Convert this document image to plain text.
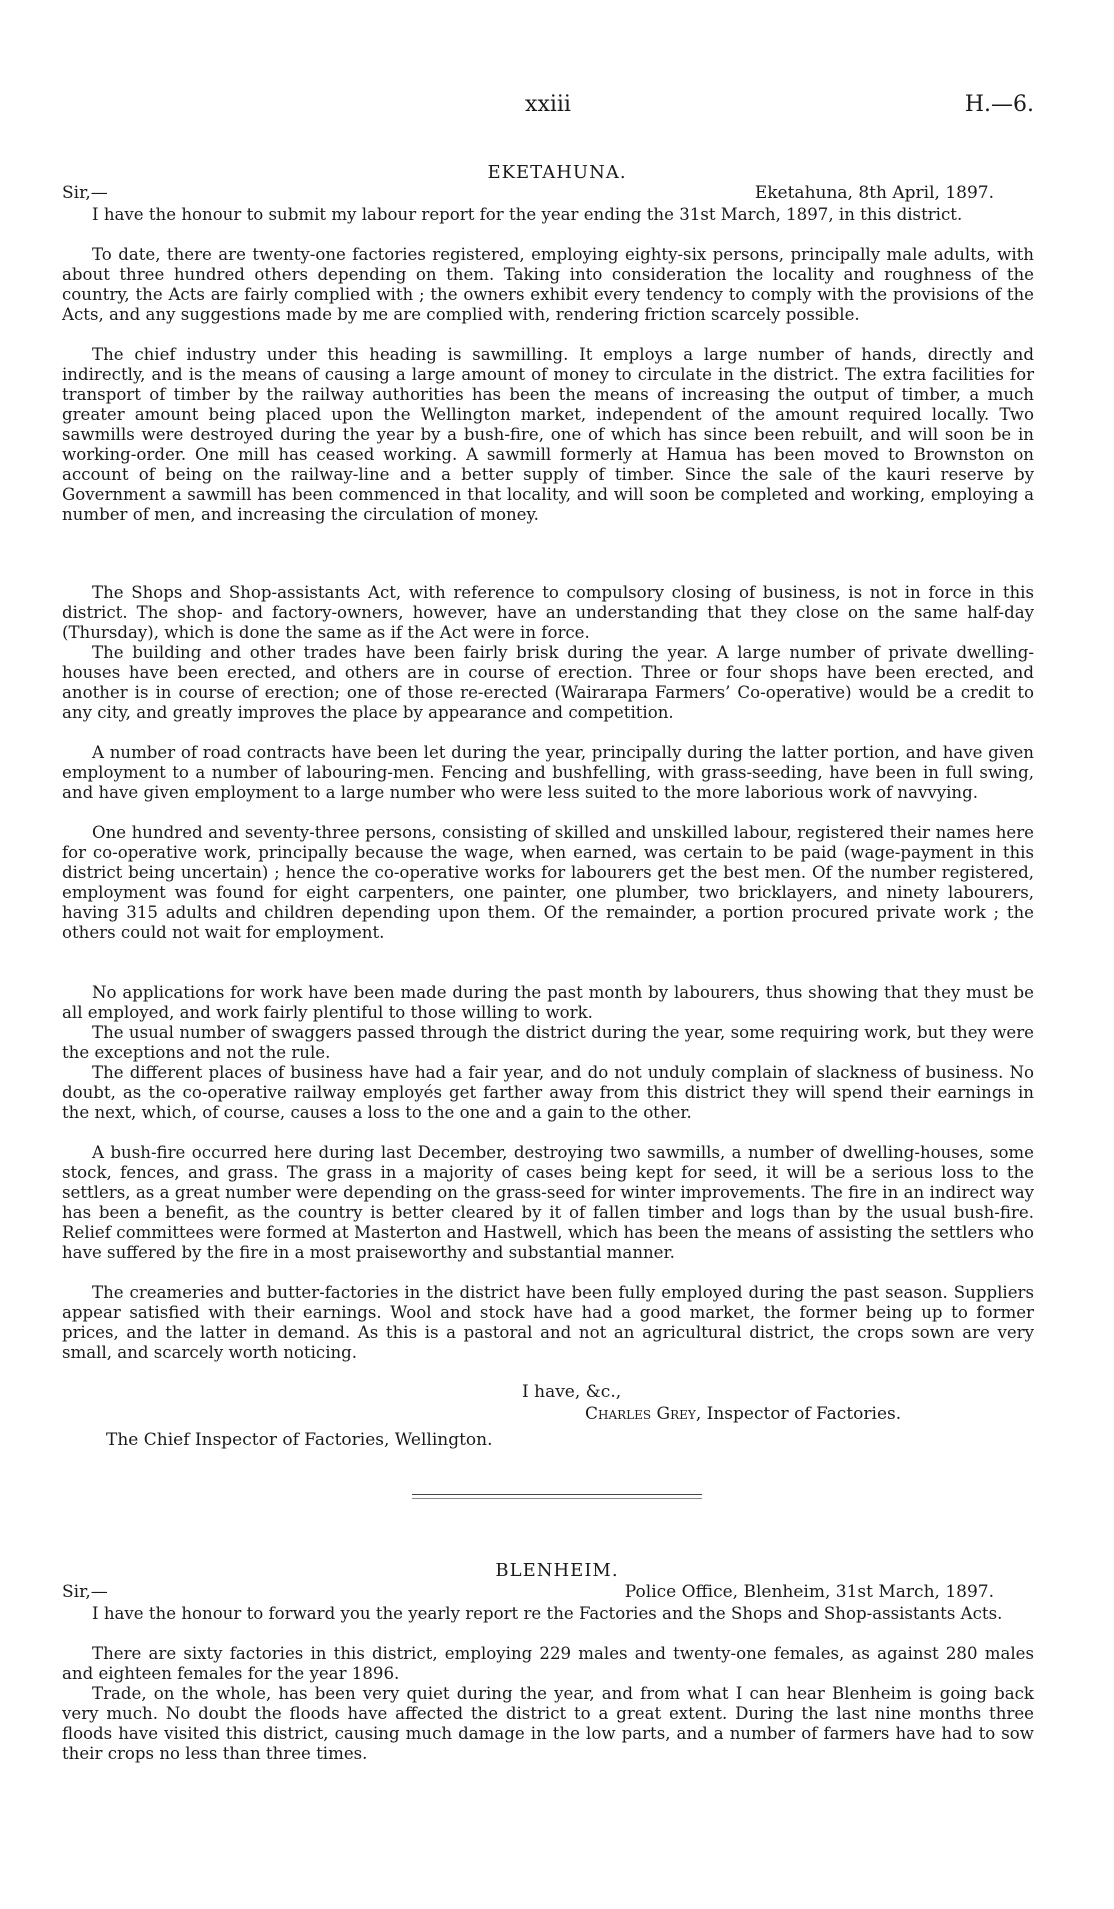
xxiii	H.—6.
EKETAHUNA.
Sir,—	Eketahuna, 8th April, 1897.

I have the honour to submit my labour report for the year ending the 31st March, 1897, in this district.

To date, there are twenty-one factories registered, employing eighty-six persons, principally male adults, with about three hundred others depending on them. Taking into consideration the locality and roughness of the country, the Acts are fairly complied with ; the owners exhibit every tendency to comply with the provisions of the Acts, and any suggestions made by me are complied with, rendering friction scarcely possible.

The chief industry under this heading is sawmilling. It employs a large number of hands, directly and indirectly, and is the means of causing a large amount of money to circulate in the district. The extra facilities for transport of timber by the railway authorities has been the means of increasing the output of timber, a much greater amount being placed upon the Wellington market, independent of the amount required locally. Two sawmills were destroyed during the year by a bush-fire, one of which has since been rebuilt, and will soon be in working-order. One mill has ceased working. A sawmill formerly at Hamua has been moved to Brownston on account of being on the railway-line and a better supply of timber. Since the sale of the kauri reserve by Government a sawmill has been commenced in that locality, and will soon be completed and working, employing a number of men, and increasing the circulation of money.

The Shops and Shop-assistants Act, with reference to compulsory closing of business, is not in force in this district. The shop- and factory-owners, however, have an understanding that they close on the same half-day (Thursday), which is done the same as if the Act were in force.

The building and other trades have been fairly brisk during the year. A large number of private dwelling-houses have been erected, and others are in course of erection. Three or four shops have been erected, and another is in course of erection; one of those re-erected (Wairarapa Farmers’ Co-operative) would be a credit to any city, and greatly improves the place by appearance and competition.

A number of road contracts have been let during the year, principally during the latter portion, and have given employment to a number of labouring-men. Fencing and bushfelling, with grass-seeding, have been in full swing, and have given employment to a large number who were less suited to the more laborious work of navvying.

One hundred and seventy-three persons, consisting of skilled and unskilled labour, registered their names here for co-operative work, principally because the wage, when earned, was certain to be paid (wage-payment in this district being uncertain) ; hence the co-operative works for labourers get the best men. Of the number registered, employment was found for eight carpenters, one painter, one plumber, two bricklayers, and ninety labourers, having 315 adults and children depending upon them. Of the remainder, a portion procured private work ; the others could not wait for employment.

No applications for work have been made during the past month by labourers, thus showing that they must be all employed, and work fairly plentiful to those willing to work.

The usual number of swaggers passed through the district during the year, some requiring work, but they were the exceptions and not the rule.

The different places of business have had a fair year, and do not unduly complain of slackness of business. No doubt, as the co-operative railway employés get farther away from this district they will spend their earnings in the next, which, of course, causes a loss to the one and a gain to the other.

A bush-fire occurred here during last December, destroying two sawmills, a number of dwelling-houses, some stock, fences, and grass. The grass in a majority of cases being kept for seed, it will be a serious loss to the settlers, as a great number were depending on the grass-seed for winter improvements. The fire in an indirect way has been a benefit, as the country is better cleared by it of fallen timber and logs than by the usual bush-fire. Relief committees were formed at Masterton and Hastwell, which has been the means of assisting the settlers who have suffered by the fire in a most praiseworthy and substantial manner.

The creameries and butter-factories in the district have been fully employed during the past season. Suppliers appear satisfied with their earnings. Wool and stock have had a good market, the former being up to former prices, and the latter in demand. As this is a pastoral and not an agricultural district, the crops sown are very small, and scarcely worth noticing.

I have, &c.,
Charles Grey, Inspector of Factories.
The Chief Inspector of Factories, Wellington.
BLENHEIM.
Sir,—	Police Office, Blenheim, 31st March, 1897.

I have the honour to forward you the yearly report re the Factories and the Shops and Shop-assistants Acts.

There are sixty factories in this district, employing 229 males and twenty-one females, as against 280 males and eighteen females for the year 1896.

Trade, on the whole, has been very quiet during the year, and from what I can hear Blenheim is going back very much. No doubt the floods have affected the district to a great extent. During the last nine months three floods have visited this district, causing much damage in the low parts, and a number of farmers have had to sow their crops no less than three times.
